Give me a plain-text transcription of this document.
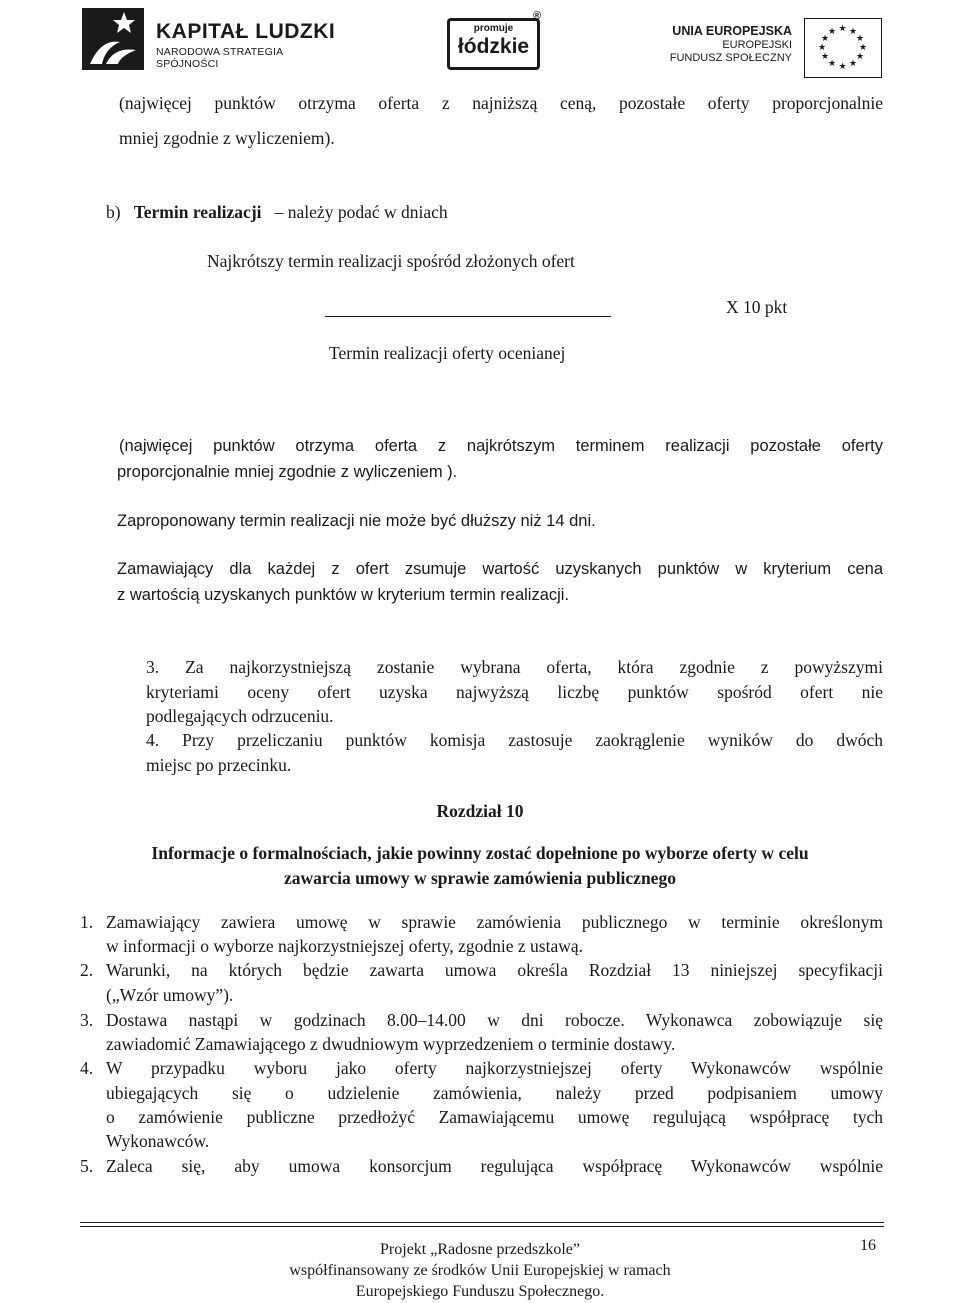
KAPITAŁ LUDZKI
NARODOWA STRATEGIA SPÓJNOŚCI
promuje
łódzkie
®
UNIA EUROPEJSKA
EUROPEJSKI
FUNDUSZ SPOŁECZNY
★ ★
★
★
★
★
★
★
★
★
★
★
(najwięcej punktów otrzyma oferta z najniższą ceną, pozostałe oferty proporcjonalnie
mniej zgodnie z wyliczeniem).
b) Termin realizacji – należy podać w dniach
Najkrótszy termin realizacji spośród złożonych ofert
X 10 pkt
Termin realizacji oferty ocenianej
(najwięcej punktów otrzyma oferta z najkrótszym terminem realizacji pozostałe oferty
proporcjonalnie mniej zgodnie z wyliczeniem ).
Zaproponowany termin realizacji nie może być dłuższy niż 14 dni.
Zamawiający dla każdej z ofert zsumuje wartość uzyskanych punktów w kryterium cena
z wartością uzyskanych punktów w kryterium termin realizacji.
3. Za najkorzystniejszą zostanie wybrana oferta, która zgodnie z powyższymi
kryteriami oceny ofert uzyska najwyższą liczbę punktów spośród ofert nie
podlegających odrzuceniu.
4. Przy przeliczaniu punktów komisja zastosuje zaokrąglenie wyników do dwóch
miejsc po przecinku.
Rozdział 10
Informacje o formalnościach, jakie powinny zostać dopełnione po wyborze oferty w celu
zawarcia umowy w sprawie zamówienia publicznego
1. Zamawiający zawiera umowę w sprawie zamówienia publicznego w terminie określonym
w informacji o wyborze najkorzystniejszej oferty, zgodnie z ustawą.
2. Warunki, na których będzie zawarta umowa określa Rozdział 13 niniejszej specyfikacji
(„Wzór umowy”).
3. Dostawa nastąpi w godzinach 8.00–14.00 w dni robocze. Wykonawca zobowiązuje się
zawiadomić Zamawiającego z dwudniowym wyprzedzeniem o terminie dostawy.
4. W przypadku wyboru jako oferty najkorzystniejszej oferty Wykonawców wspólnie
ubiegających się o udzielenie zamówienia, należy przed podpisaniem umowy
o zamówienie publiczne przedłożyć Zamawiającemu umowę regulującą współpracę tych
Wykonawców.
5. Zaleca się, aby umowa konsorcjum regulująca współpracę Wykonawców wspólnie
Projekt „Radosne przedszkole”
współfinansowany ze środków Unii Europejskiej w ramach
Europejskiego Funduszu Społecznego.
16
